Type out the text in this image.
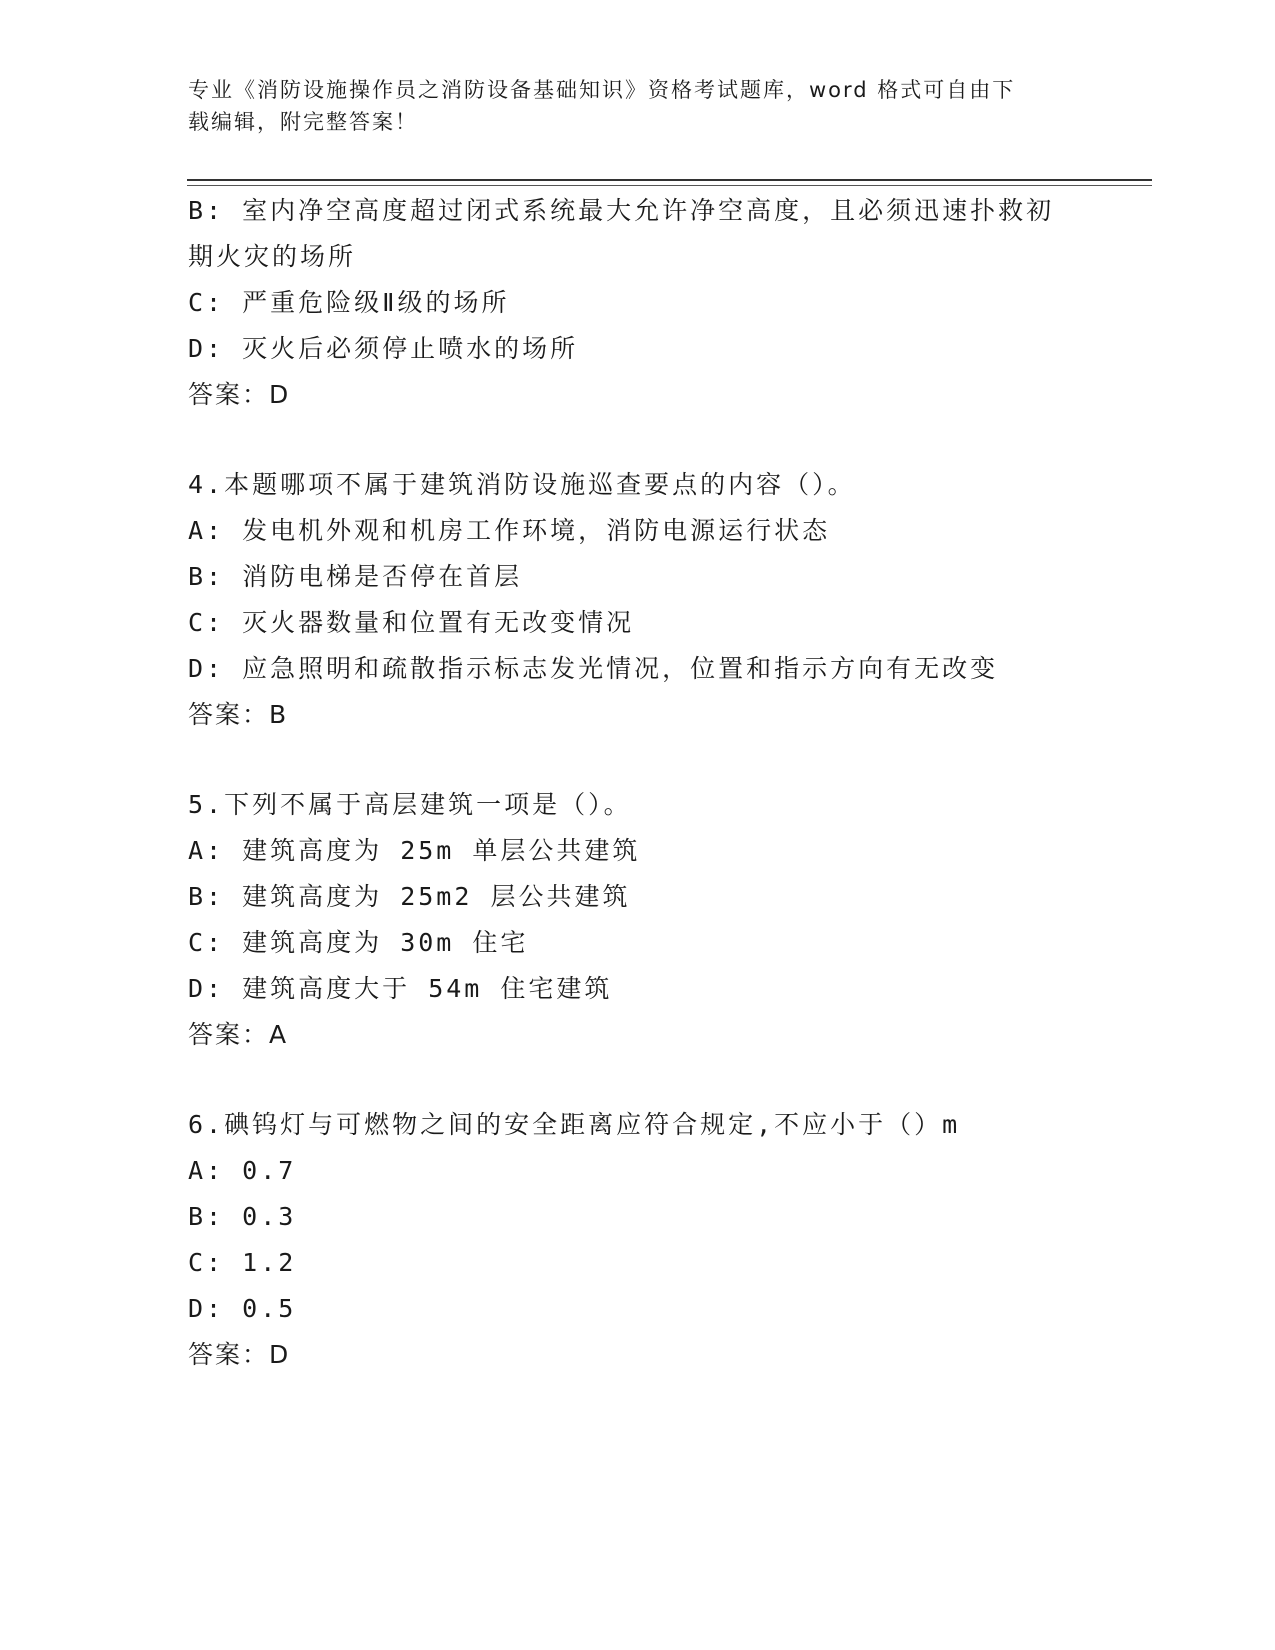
专业《消防设施操作员之消防设备基础知识》资格考试题库，word 格式可自由下
载编辑，附完整答案！
B: 室内净空高度超过闭式系统最大允许净空高度，且必须迅速扑救初
期火灾的场所
C: 严重危险级Ⅱ级的场所
D: 灭火后必须停止喷水的场所
答案：D
4.本题哪项不属于建筑消防设施巡查要点的内容（）。
A: 发电机外观和机房工作环境，消防电源运行状态
B: 消防电梯是否停在首层
C: 灭火器数量和位置有无改变情况
D: 应急照明和疏散指示标志发光情况，位置和指示方向有无改变
答案：B
5.下列不属于高层建筑一项是（）。
A: 建筑高度为 25m 单层公共建筑
B: 建筑高度为 25m2 层公共建筑
C: 建筑高度为 30m 住宅
D: 建筑高度大于 54m 住宅建筑
答案：A
6.碘钨灯与可燃物之间的安全距离应符合规定,不应小于（）m
A: 0.7
B: 0.3
C: 1.2
D: 0.5
答案：D
